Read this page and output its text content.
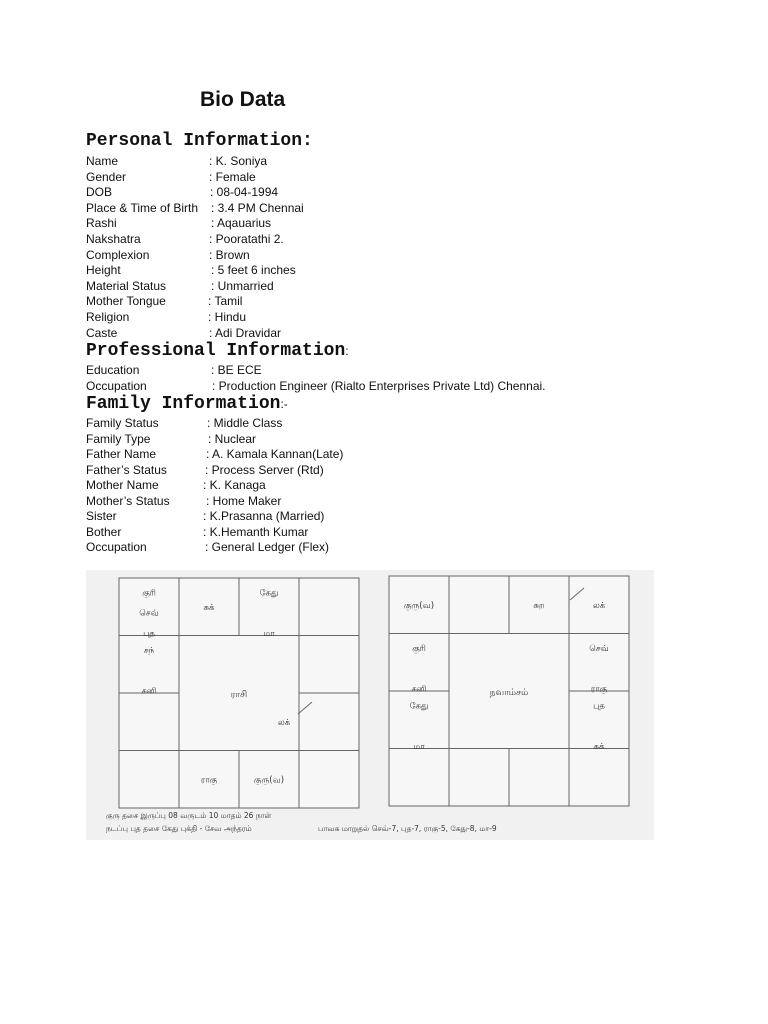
Bio Data
Personal Information:
Name	: K. Soniya
Gender	: Female
DOB	: 08-04-1994
Place & Time of Birth : 3.4 PM Chennai
Rashi	: Aqauarius
Nakshatra	: Pooratathi 2.
Complexion	: Brown
Height	: 5 feet 6 inches
Material Status	: Unmarried
Mother Tongue	: Tamil
Religion	: Hindu
Caste	: Adi Dravidar
Professional Information:
Education	: BE ECE
Occupation	: Production Engineer (Rialto Enterprises Private Ltd) Chennai.
Family Information:-
Family Status	: Middle Class
Family Type	: Nuclear
Father Name	: A. Kamala Kannan(Late)
Father’s Status	: Process Server (Rtd)
Mother Name	: K. Kanaga
Mother’s Status	: Home Maker
Sister	: K.Prasanna (Married)
Bother	: K.Hemanth Kumar
Occupation	: General Ledger (Flex)
ராசி
குரி
செவ்
புத
சுக்
கேது
மா
சந்
சனி
லக்
ராகு	குரு(வ)
நவாம்சம்
குரு(வ)	சுற	லக்
குரி
சனி
செவ்
ராகு
கேது
மா
புத
சுக்
குரு தசை இருப்பு 08 வருடம் 10 மாதம் 26 நாள்
நடப்பு புத தசை கேது புக்தி - சேவ அந்தரம்	பாவக மாறுதல் செவ்-7, புத-7, ராகு-5, கேது-8, மா-9
